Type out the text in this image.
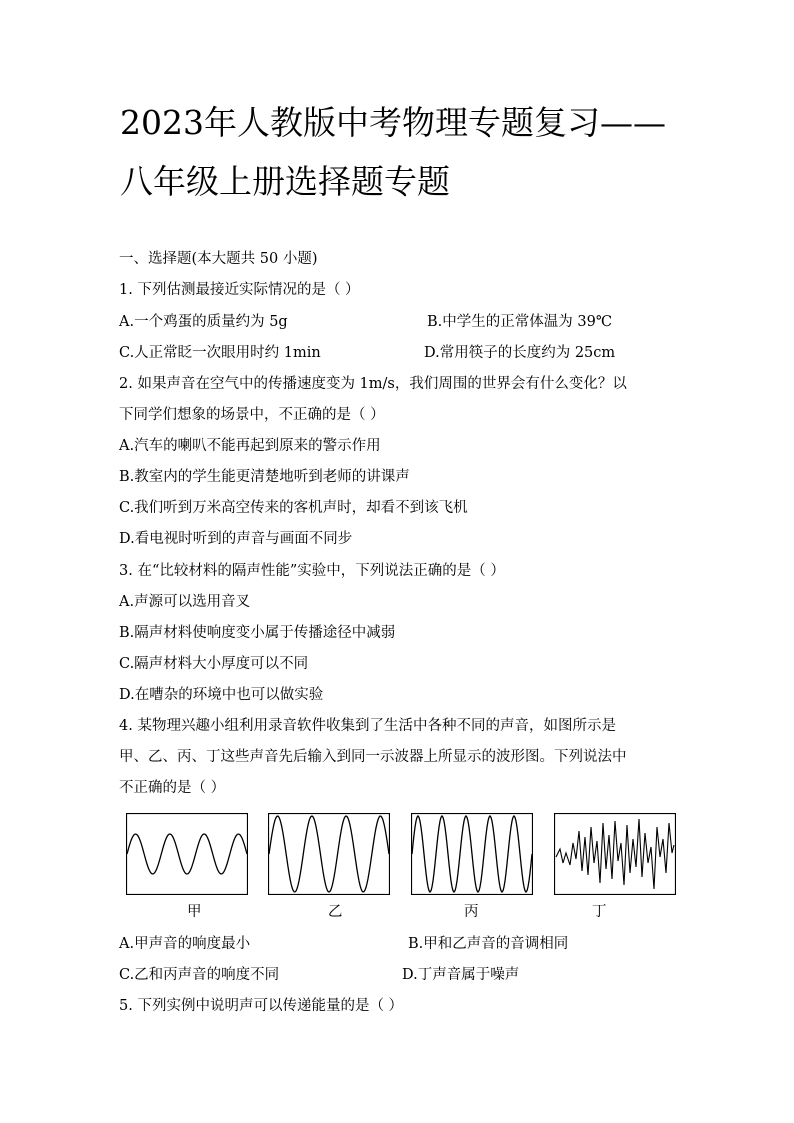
2023年人教版中考物理专题复习——
八年级上册选择题专题
一、选择题(本大题共 50 小题)
1. 下列估测最接近实际情况的是（ ）
A.一个鸡蛋的质量约为 5g	B.中学生的正常体温为 39℃
C.人正常眨一次眼用时约 1min	D.常用筷子的长度约为 25cm
2. 如果声音在空气中的传播速度变为 1m/s，我们周围的世界会有什么变化？以
下同学们想象的场景中，不正确的是（ ）
A.汽车的喇叭不能再起到原来的警示作用
B.教室内的学生能更清楚地听到老师的讲课声
C.我们听到万米高空传来的客机声时，却看不到该飞机
D.看电视时听到的声音与画面不同步
3. 在“比较材料的隔声性能”实验中，下列说法正确的是（ ）
A.声源可以选用音叉
B.隔声材料使响度变小属于传播途径中减弱
C.隔声材料大小厚度可以不同
D.在嘈杂的环境中也可以做实验
4. 某物理兴趣小组利用录音软件收集到了生活中各种不同的声音，如图所示是
甲、乙、丙、丁这些声音先后输入到同一示波器上所显示的波形图。下列说法中
不正确的是（ ）
甲	乙	丙	丁
A.甲声音的响度最小	B.甲和乙声音的音调相同
C.乙和丙声音的响度不同	D.丁声音属于噪声
5. 下列实例中说明声可以传递能量的是（ ）
